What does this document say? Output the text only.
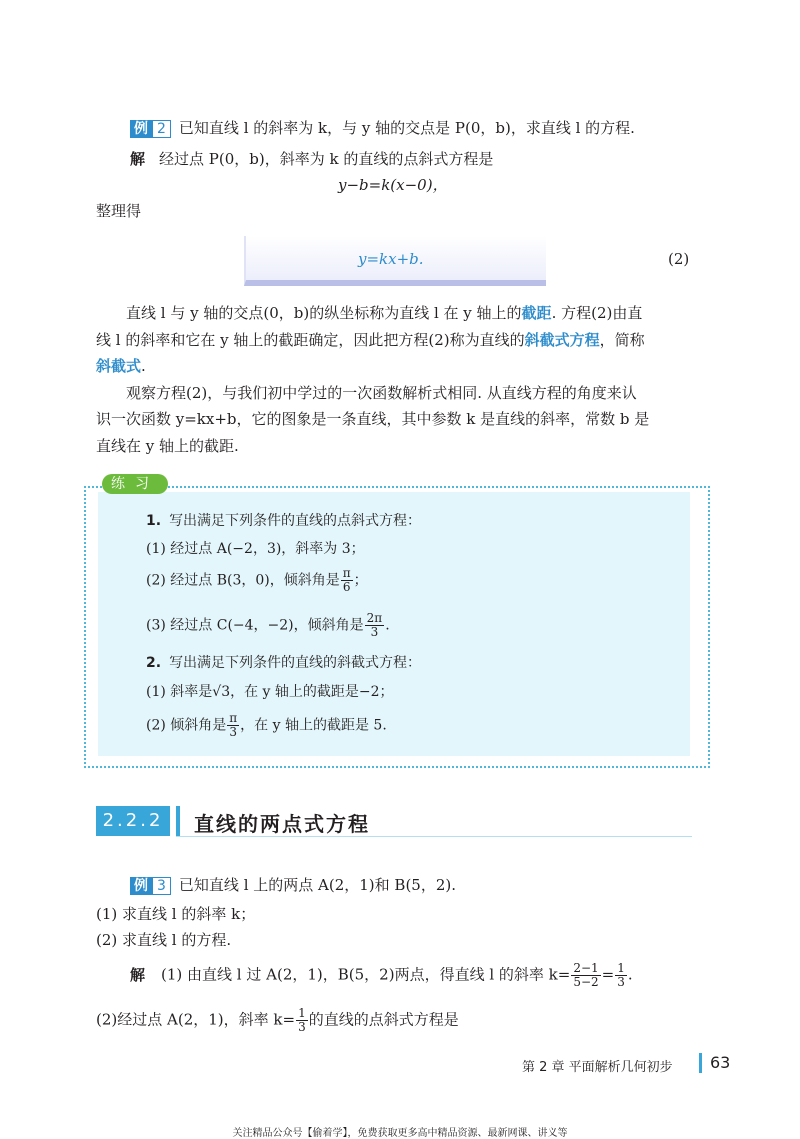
例 2 已知直线 l 的斜率为 k，与 y 轴的交点是 P(0，b)，求直线 l 的方程.
解 经过点 P(0，b)，斜率为 k 的直线的点斜式方程是
y−b=k(x−0)，
整理得
y=kx+b.	(2)
直线 l 与 y 轴的交点(0，b)的纵坐标称为直线 l 在 y 轴上的截距. 方程(2)由直
线 l 的斜率和它在 y 轴上的截距确定，因此把方程(2)称为直线的斜截式方程，简称
斜截式.
观察方程(2)，与我们初中学过的一次函数解析式相同. 从直线方程的角度来认
识一次函数 y=kx+b，它的图象是一条直线，其中参数 k 是直线的斜率，常数 b 是
直线在 y 轴上的截距.
练习
1. 写出满足下列条件的直线的点斜式方程：
(1) 经过点 A(−2，3)，斜率为 3；
(2) 经过点 B(3，0)，倾斜角是 $\frac{\pi}{6}$ ；
(3) 经过点 C(−4，−2)，倾斜角是 $\frac{2\pi}{3}$ .
2. 写出满足下列条件的直线的斜截式方程：
(1) 斜率是√3，在 y 轴上的截距是−2；
(2) 倾斜角是 $\frac{\pi}{3}$ ，在 y 轴上的截距是 5.
2.2.2	直线的两点式方程
例 3 已知直线 l 上的两点 A(2，1)和 B(5，2).
(1) 求直线 l 的斜率 k；
(2) 求直线 l 的方程.
解 (1) 由直线 l 过 A(2，1)，B(5，2)两点，得直线 l 的斜率 $k= \frac{2-1}{5-2} = \frac{1}{3}$ .
(2)经过点 A(2，1)，斜率 $k= \frac{1}{3}$ 的直线的点斜式方程是
第 2 章 平面解析几何初步 63
关注精品公众号【偷着学】，免费获取更多高中精品资源、最新网课、讲义等
